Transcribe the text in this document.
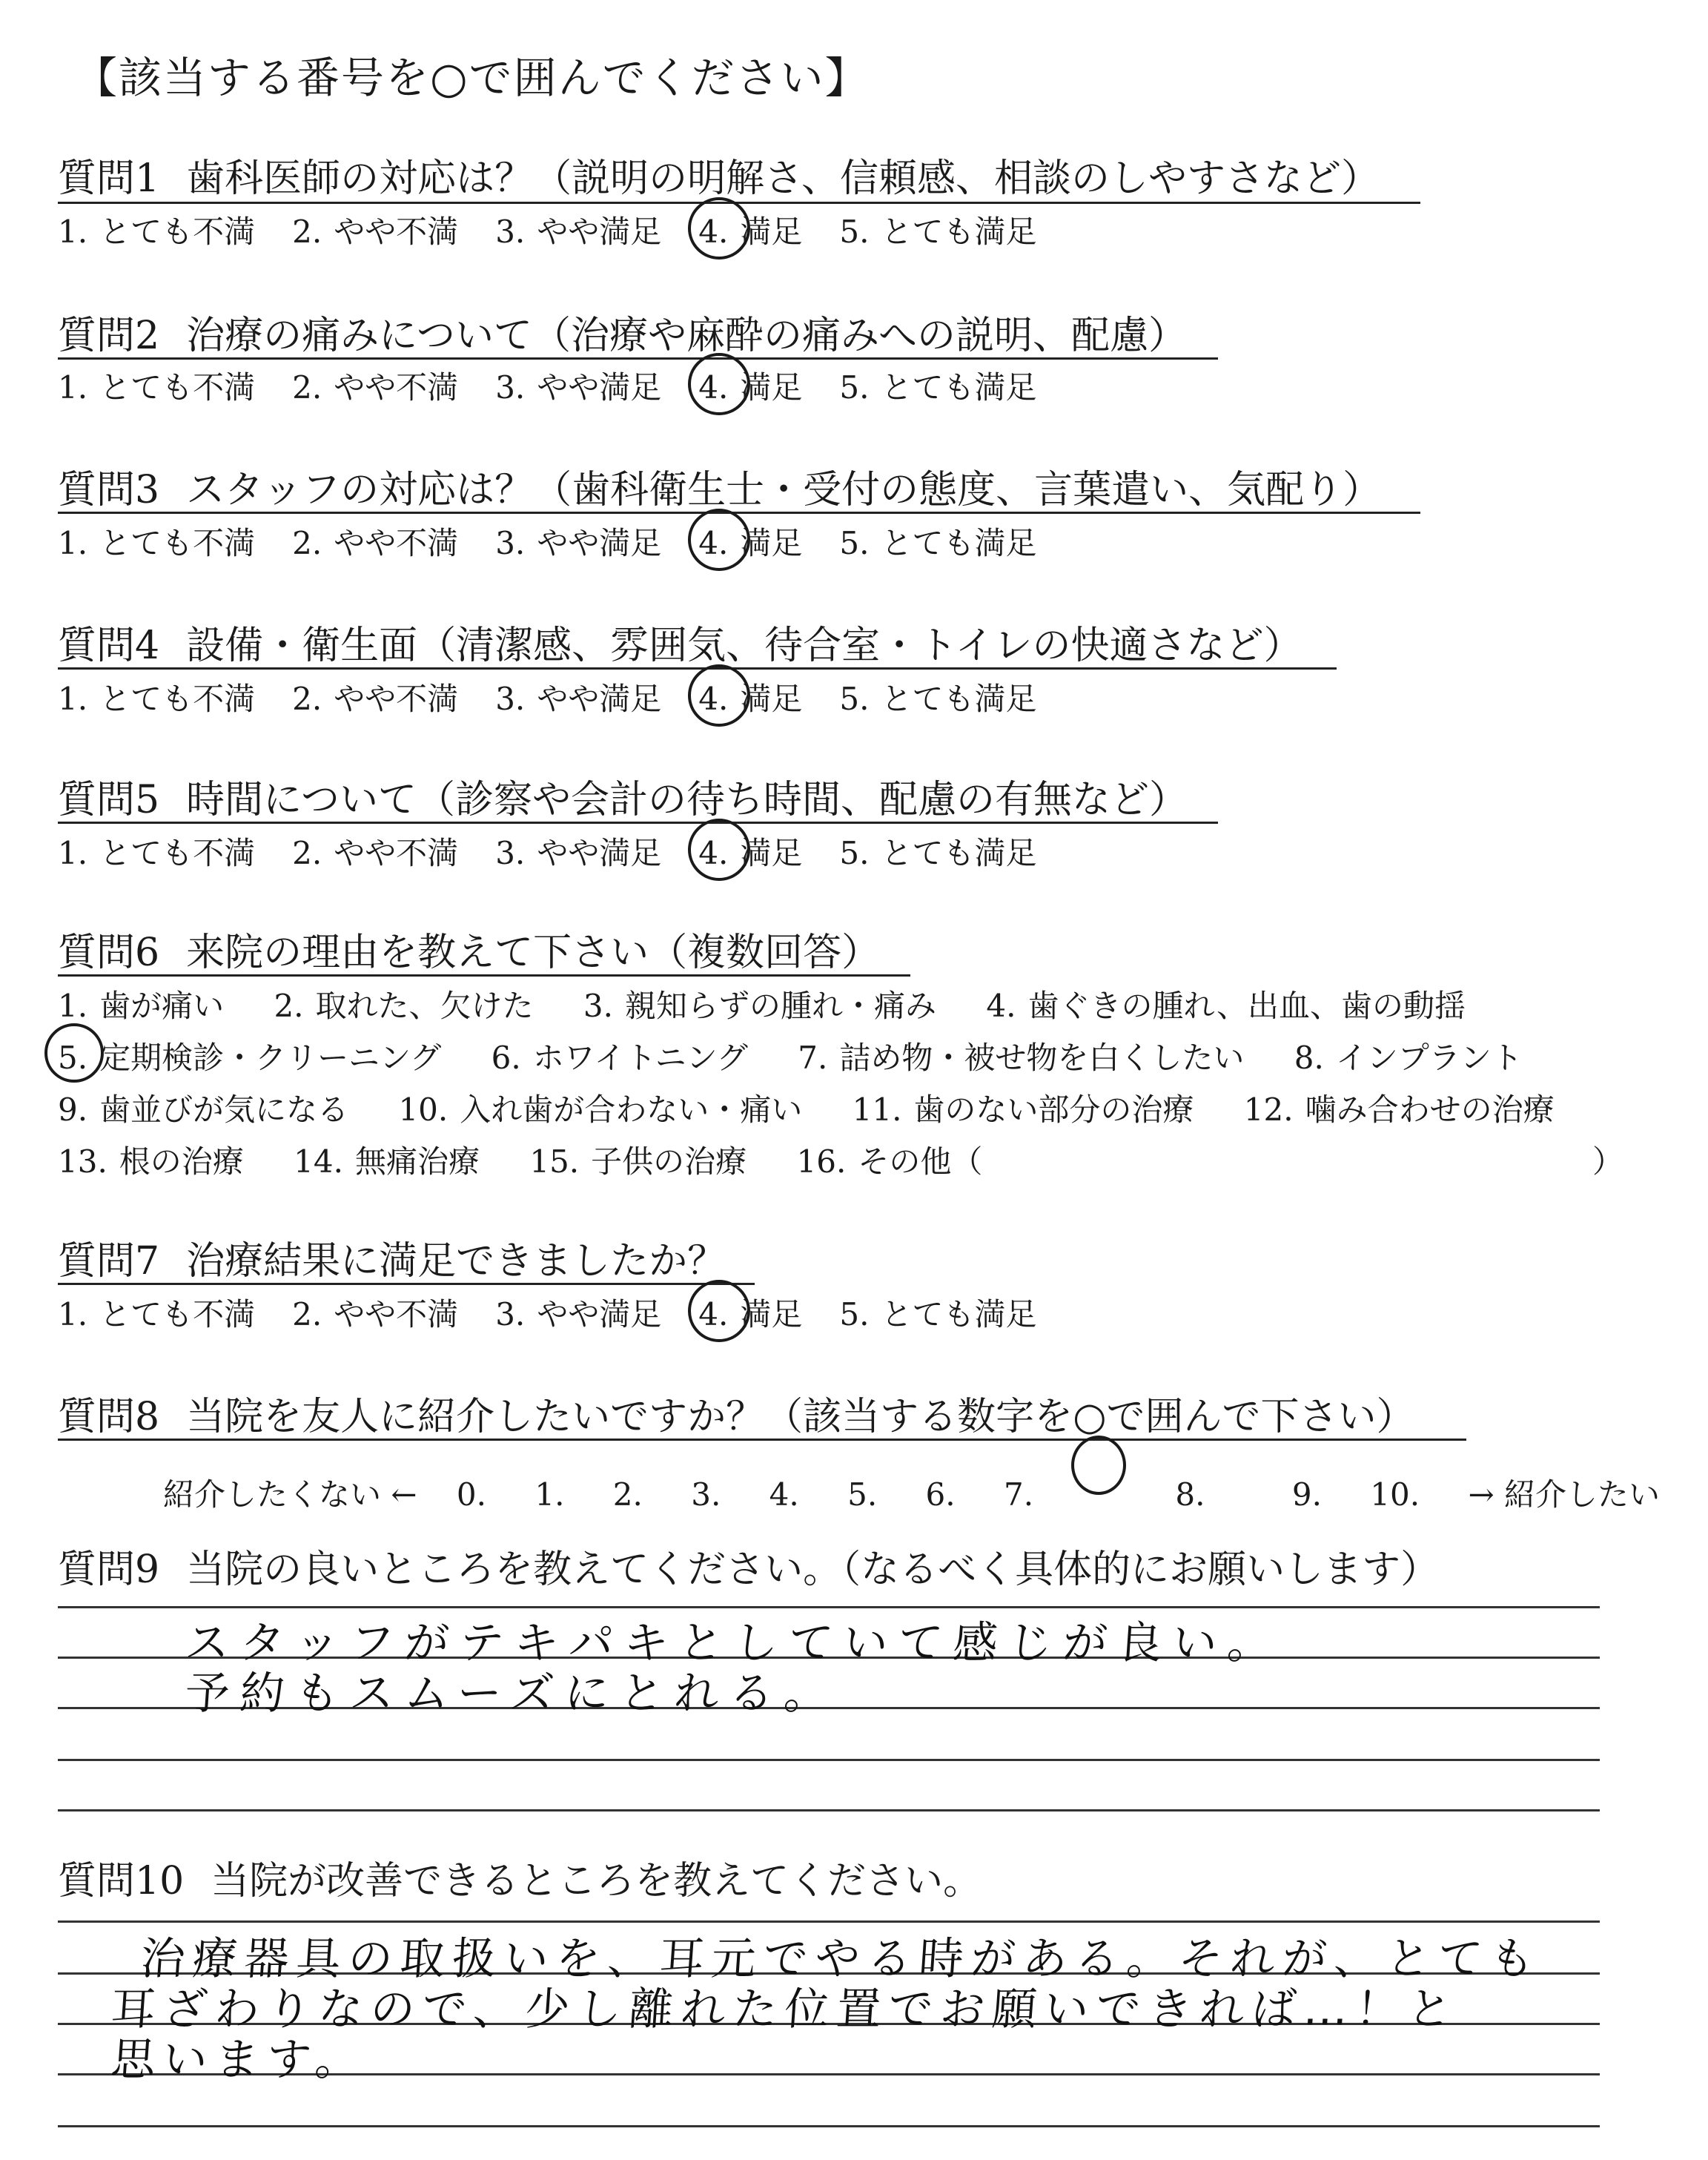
【該当する番号を○で囲んでください】
質問1 歯科医師の対応は？（説明の明解さ、信頼感、相談のしやすさなど）
1. とても不満 2. やや不満 3. やや満足 4. 満足 5. とても満足
質問2 治療の痛みについて（治療や麻酔の痛みへの説明、配慮）
1. とても不満 2. やや不満 3. やや満足 4. 満足 5. とても満足
質問3 スタッフの対応は？（歯科衛生士・受付の態度、言葉遣い、気配り）
1. とても不満 2. やや不満 3. やや満足 4. 満足 5. とても満足
質問4 設備・衛生面（清潔感、雰囲気、待合室・トイレの快適さなど）
1. とても不満 2. やや不満 3. やや満足 4. 満足 5. とても満足
質問5 時間について（診察や会計の待ち時間、配慮の有無など）
1. とても不満 2. やや不満 3. やや満足 4. 満足 5. とても満足
質問6 来院の理由を教えて下さい（複数回答）
1. 歯が痛い 2. 取れた、欠けた 3. 親知らずの腫れ・痛み 4. 歯ぐきの腫れ、出血、歯の動揺
5. 定期検診・クリーニング 6. ホワイトニング 7. 詰め物・被せ物を白くしたい 8. インプラント
9. 歯並びが気になる 10. 入れ歯が合わない・痛い 11. 歯のない部分の治療 12. 噛み合わせの治療
13. 根の治療 14. 無痛治療 15. 子供の治療 16. その他（	）
質問7 治療結果に満足できましたか？
1. とても不満 2. やや不満 3. やや満足 4. 満足 5. とても満足
質問8 当院を友人に紹介したいですか？（該当する数字を○で囲んで下さい）
紹介したくない ← 0. 1. 2. 3. 4. 5. 6. 7.	8.	9. 10. → 紹介したい
質問9 当院の良いところを教えてください。（なるべく具体的にお願いします）
スタッフがテキパキとしていて感じが良い。
予約もスムーズにとれる。
質問10 当院が改善できるところを教えてください。
治療器具の取扱いを、耳元でやる時がある。それが、とても
耳ざわりなので、少し離れた位置でお願いできれば…！と
思います。
